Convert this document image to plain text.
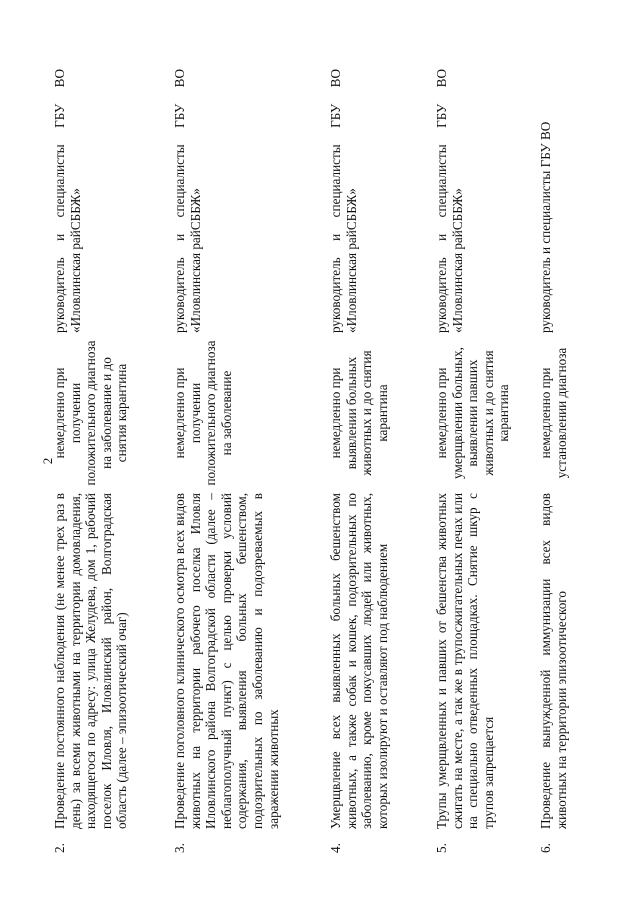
2
2.	Проведение постоянного наблюдения (не менее трех раз в день) за всеми животными на территории домовладения, находящегося по адресу: улица Желудева, дом 1, рабочий поселок Иловля, Иловлинский район, Волгоградская область (далее – эпизоотический очаг)	немедленно при получении положительного диагноза на заболевание и до снятия карантина	руководитель и специалисты ГБУ ВО «Иловлинская райСББЖ»
3.	Проведение поголовного клинического осмотра всех видов животных на территории рабочего поселка Иловля Иловлинского района Волгоградской области (далее – неблагополучный пункт) с целью проверки условий содержания, выявления больных бешенством, подозрительных по заболеванию и подозреваемых в заражении животных	немедленно при получении положительного диагноза на заболевание	руководитель и специалисты ГБУ ВО «Иловлинская райСББЖ»
4.	Умерщвление всех выявленных больных бешенством животных, а также собак и кошек, подозрительных по заболеванию, кроме покусавших людей или животных, которых изолируют и оставляют под наблюдением	немедленно при выявлении больных животных и до снятия карантина	руководитель и специалисты ГБУ ВО «Иловлинская райСББЖ»
5.	Трупы умерщвленных и павших от бешенства животных сжигать на месте, а так же в трупосжигательных печах или на специально отведенных площадках. Снятие шкур с трупов запрещается	немедленно при умерщвлении больных, выявлении павших животных и до снятия карантина	руководитель и специалисты ГБУ ВО «Иловлинская райСББЖ»
6.	Проведение вынужденной иммунизации всех видов животных на территории эпизоотического	немедленно при установлении диагноза	руководитель и специалисты ГБУ ВО
